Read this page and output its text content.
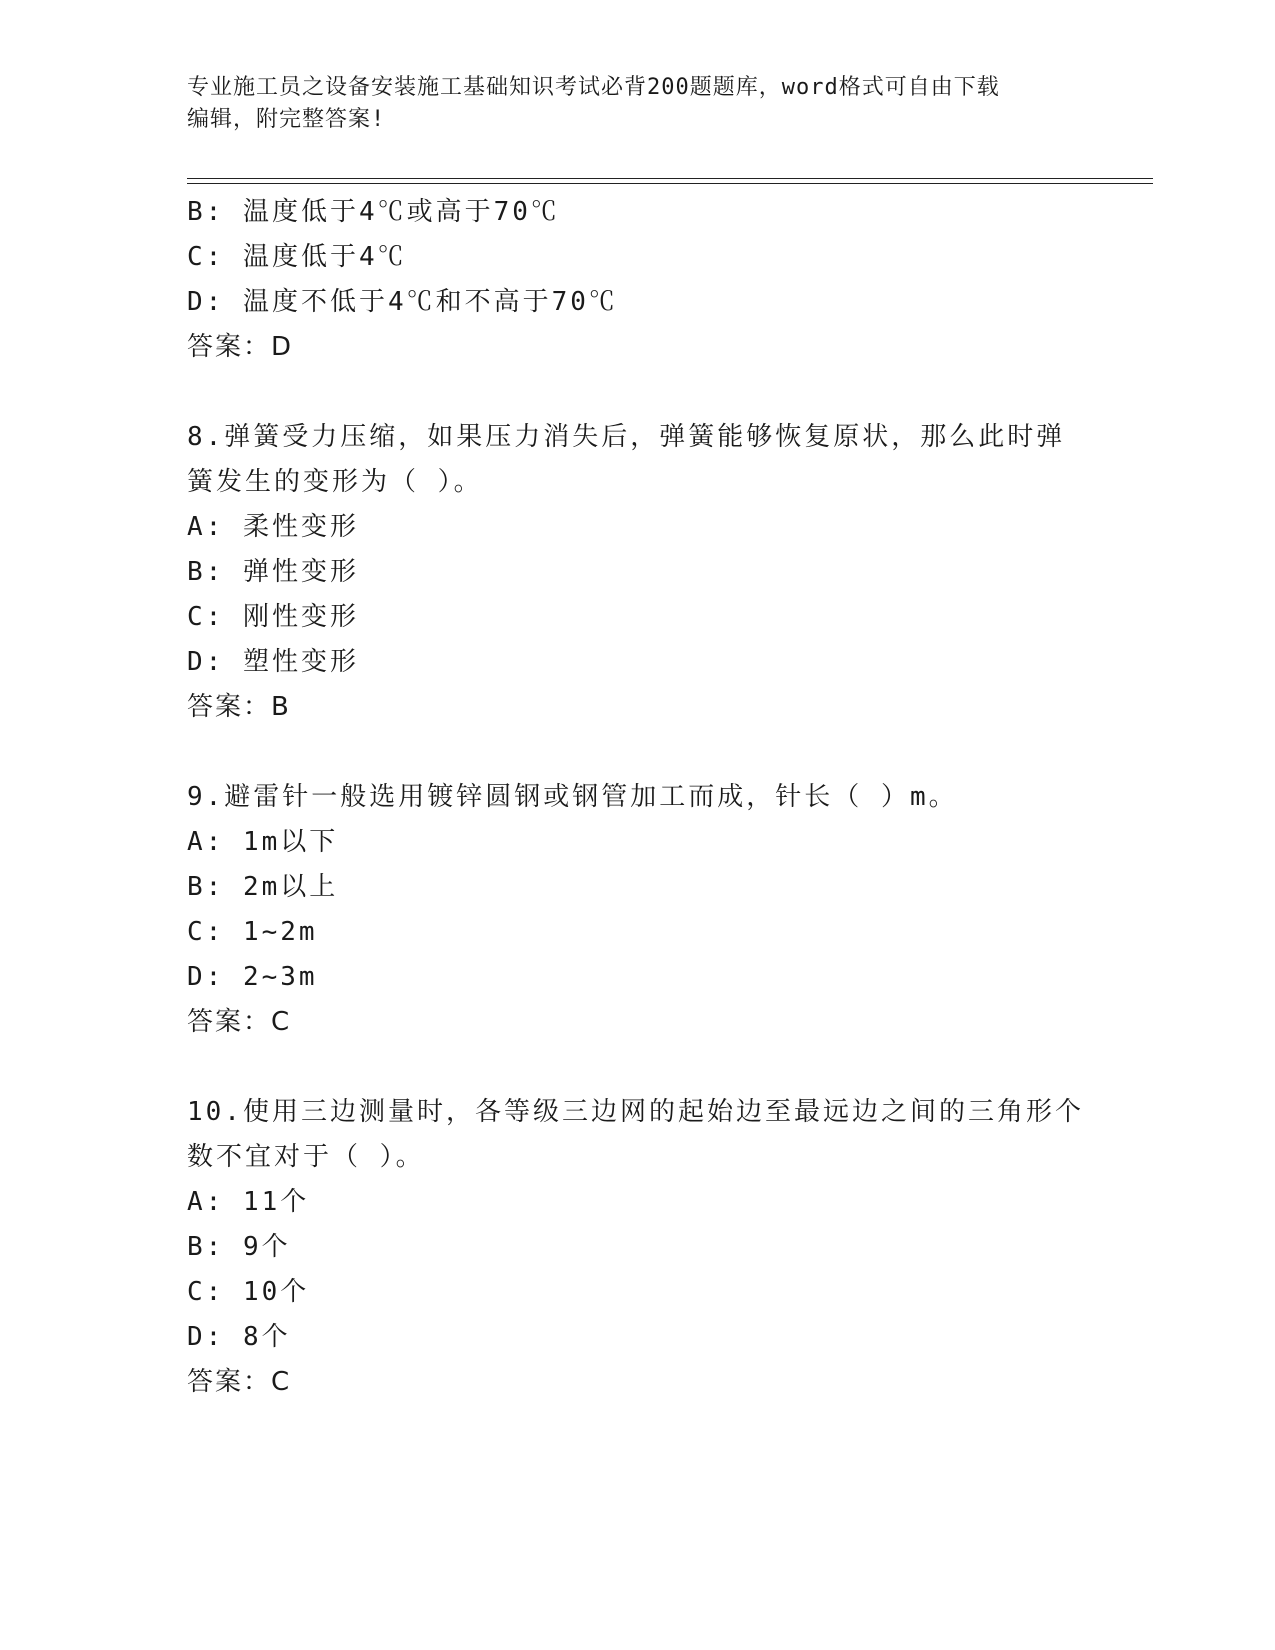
专业施工员之设备安装施工基础知识考试必背200题题库，word格式可自由下载
编辑，附完整答案!
B: 温度低于4℃或高于70℃
C: 温度低于4℃
D: 温度不低于4℃和不高于70℃
答案：D
8.弹簧受力压缩，如果压力消失后，弹簧能够恢复原状，那么此时弹
簧发生的变形为（ ）。
A: 柔性变形
B: 弹性变形
C: 刚性变形
D: 塑性变形
答案：B
9.避雷针一般选用镀锌圆钢或钢管加工而成，针长（ ）m。
A: 1m以下
B: 2m以上
C: 1~2m
D: 2~3m
答案：C
10.使用三边测量时，各等级三边网的起始边至最远边之间的三角形个
数不宜对于（ ）。
A: 11个
B: 9个
C: 10个
D: 8个
答案：C
